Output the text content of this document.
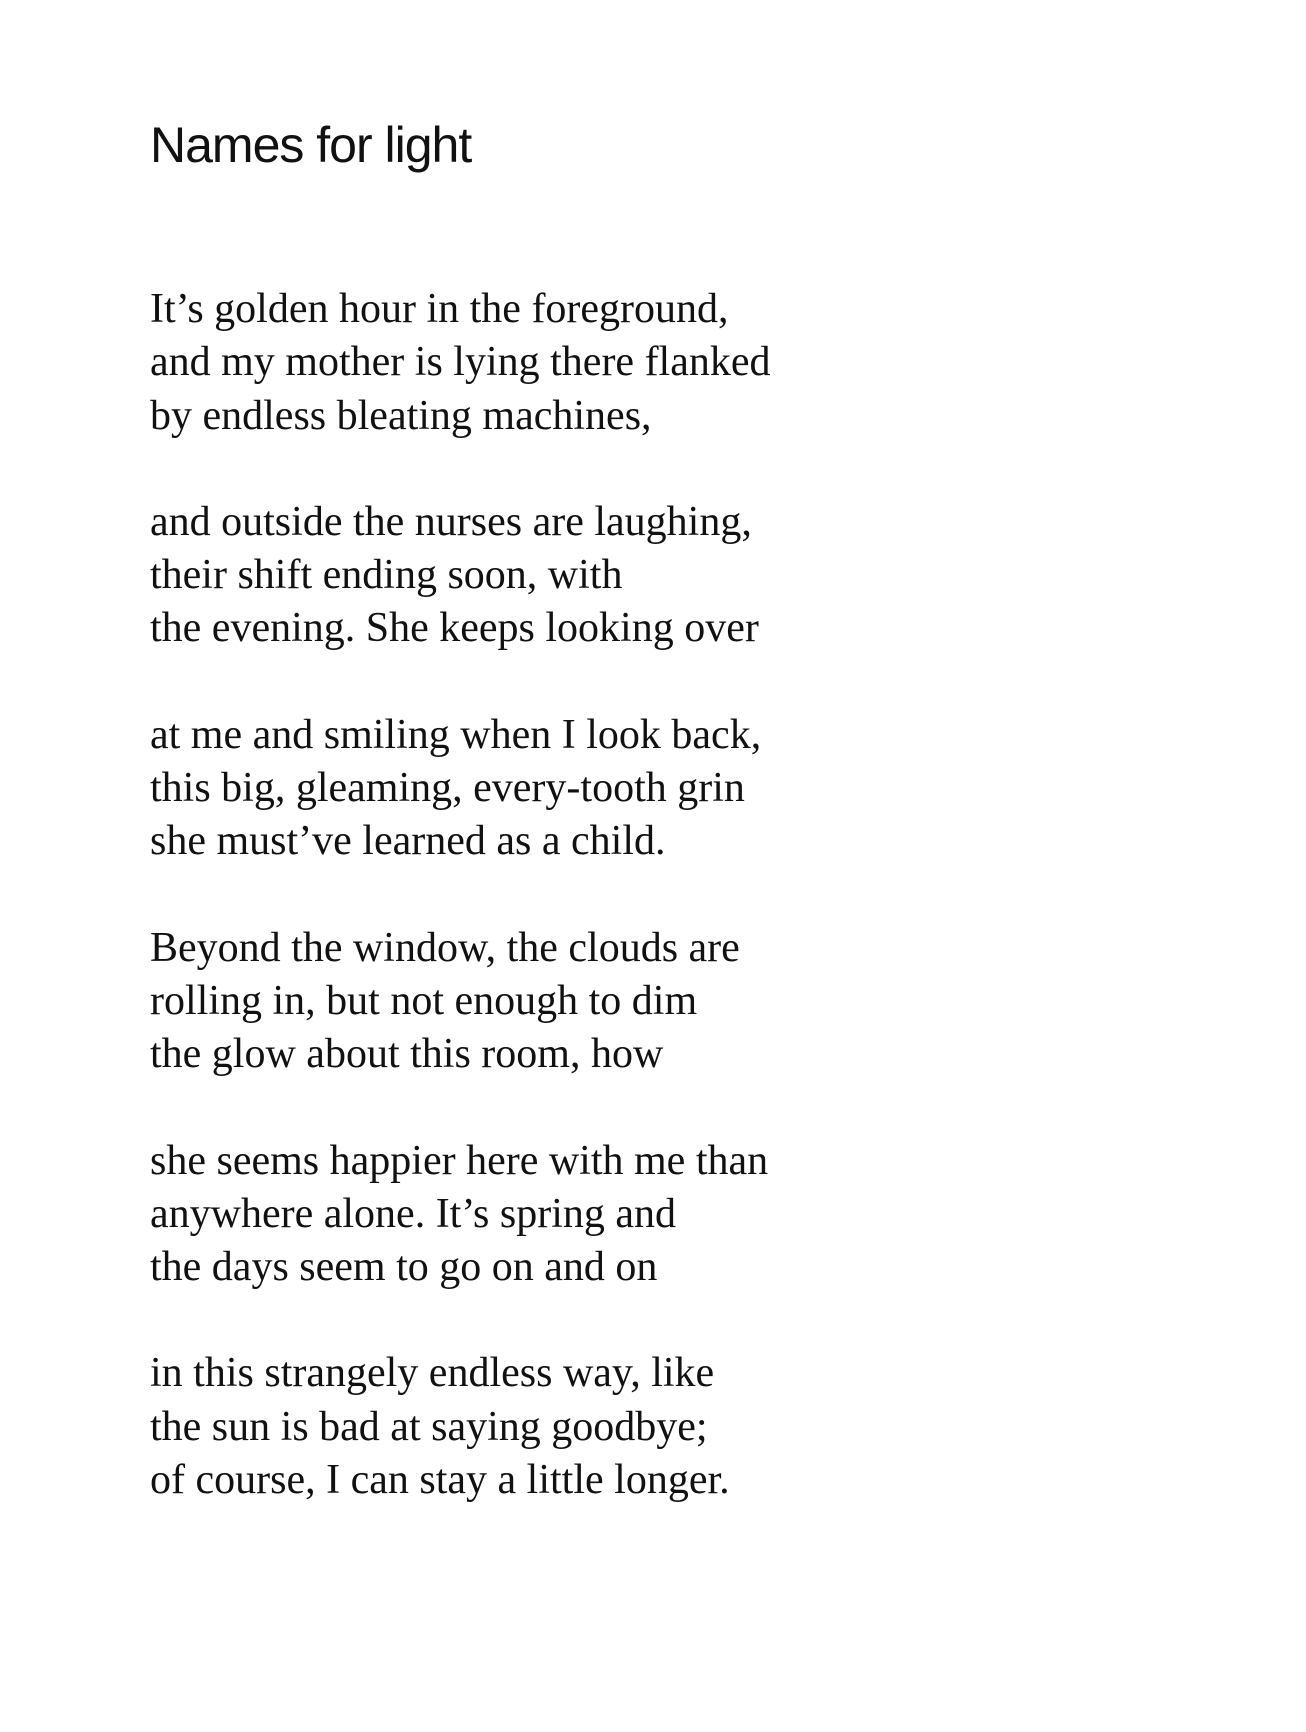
Names for light
It’s golden hour in the foreground,
and my mother is lying there flanked
by endless bleating machines,
and outside the nurses are laughing,
their shift ending soon, with
the evening. She keeps looking over
at me and smiling when I look back,
this big, gleaming, every-tooth grin
she must’ve learned as a child.
Beyond the window, the clouds are
rolling in, but not enough to dim
the glow about this room, how
she seems happier here with me than
anywhere alone. It’s spring and
the days seem to go on and on
in this strangely endless way, like
the sun is bad at saying goodbye;
of course, I can stay a little longer.
